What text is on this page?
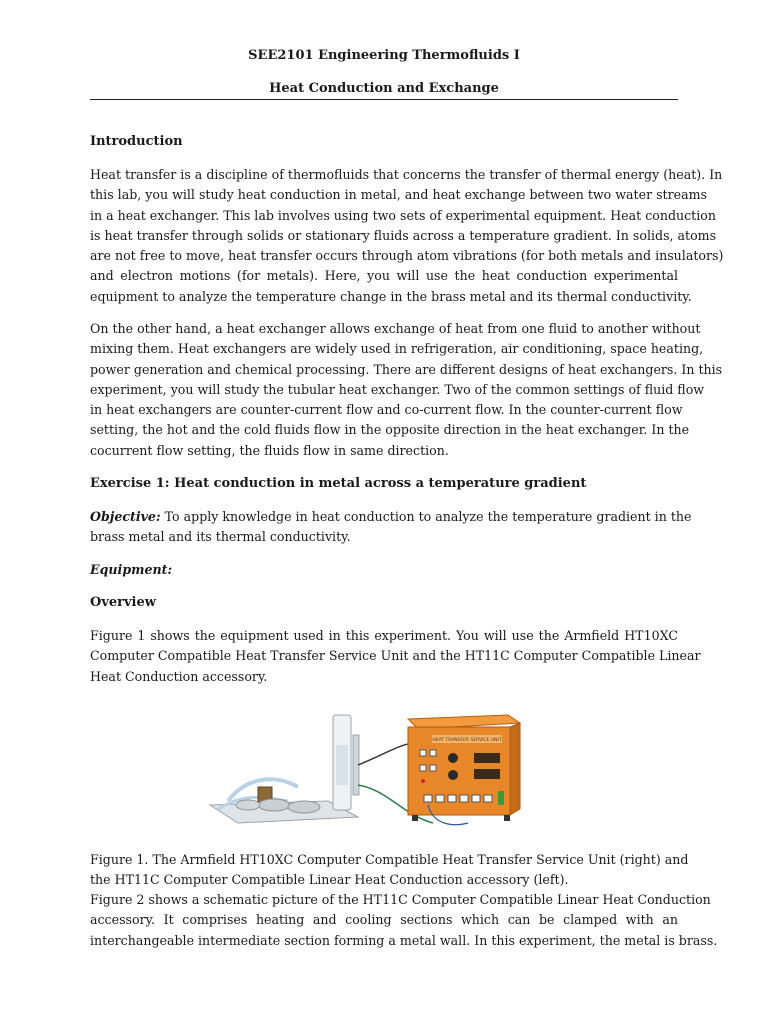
SEE2101 Engineering Thermofluids I
Heat Conduction and Exchange
Introduction
Heat transfer is a discipline of thermofluids that concerns the transfer of thermal energy (heat). In
this lab, you will study heat conduction in metal, and heat exchange between two water streams
in a heat exchanger. This lab involves using two sets of experimental equipment. Heat conduction
is heat transfer through solids or stationary fluids across a temperature gradient. In solids, atoms
are not free to move, heat transfer occurs through atom vibrations (for both metals and insulators)
and electron motions (for metals). Here, you will use the heat conduction experimental
equipment to analyze the temperature change in the brass metal and its thermal conductivity.
On the other hand, a heat exchanger allows exchange of heat from one fluid to another without
mixing them. Heat exchangers are widely used in refrigeration, air conditioning, space heating,
power generation and chemical processing. There are different designs of heat exchangers. In this
experiment, you will study the tubular heat exchanger. Two of the common settings of fluid flow
in heat exchangers are counter-current flow and co-current flow. In the counter-current flow
setting, the hot and the cold fluids flow in the opposite direction in the heat exchanger. In the
cocurrent flow setting, the fluids flow in same direction.
Exercise 1: Heat conduction in metal across a temperature gradient
Objective: To apply knowledge in heat conduction to analyze the temperature gradient in the
brass metal and its thermal conductivity.
Equipment:
Overview
Figure 1 shows the equipment used in this experiment. You will use the Armfield HT10XC
Computer Compatible Heat Transfer Service Unit and the HT11C Computer Compatible Linear
Heat Conduction accessory.
HEAT TRANSFER SERVICE UNIT
Figure 1. The Armfield HT10XC Computer Compatible Heat Transfer Service Unit (right) and
the HT11C Computer Compatible Linear Heat Conduction accessory (left).
Figure 2 shows a schematic picture of the HT11C Computer Compatible Linear Heat Conduction
accessory. It comprises heating and cooling sections which can be clamped with an
interchangeable intermediate section forming a metal wall. In this experiment, the metal is brass.
